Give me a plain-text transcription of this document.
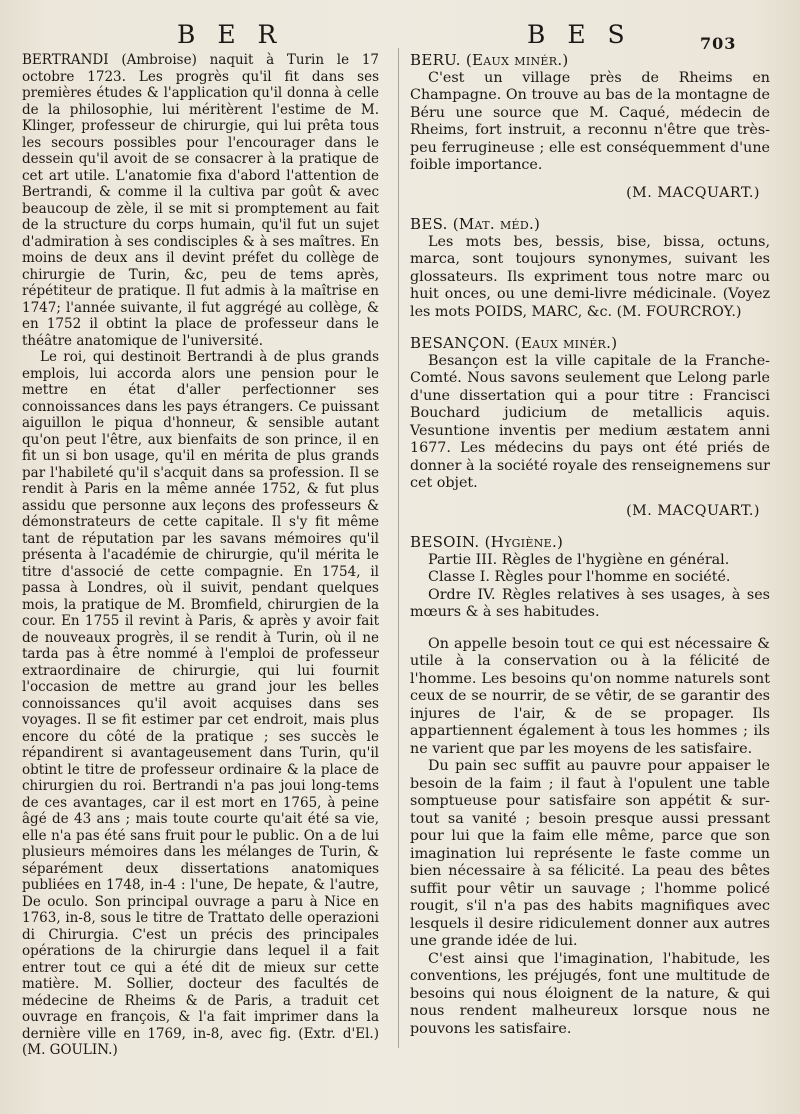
B E R	B E S	703

BERTRANDI (Ambroise) naquit à Turin le 17 octobre 1723. Les progrès qu'il fit dans ses premières études & l'application qu'il donna à celle de la philosophie, lui méritèrent l'estime de M. Klinger, professeur de chirurgie, qui lui prêta tous les secours possibles pour l'encourager dans le dessein qu'il avoit de se consacrer à la pratique de cet art utile. L'anatomie fixa d'abord l'attention de Bertrandi, & comme il la cultiva par goût & avec beaucoup de zèle, il se mit si promptement au fait de la structure du corps humain, qu'il fut un sujet d'admiration à ses condisciples & à ses maîtres. En moins de deux ans il devint préfet du collège de chirurgie de Turin, &c, peu de tems après, répétiteur de pratique. Il fut admis à la maîtrise en 1747; l'année suivante, il fut aggrégé au collège, & en 1752 il obtint la place de professeur dans le théâtre anatomique de l'université.

Le roi, qui destinoit Bertrandi à de plus grands emplois, lui accorda alors une pension pour le mettre en état d'aller perfectionner ses connoissances dans les pays étrangers. Ce puissant aiguillon le piqua d'honneur, & sensible autant qu'on peut l'être, aux bienfaits de son prince, il en fit un si bon usage, qu'il en mérita de plus grands par l'habileté qu'il s'acquit dans sa profession. Il se rendit à Paris en la même année 1752, & fut plus assidu que personne aux leçons des professeurs & démonstrateurs de cette capitale. Il s'y fit même tant de réputation par les savans mémoires qu'il présenta à l'académie de chirurgie, qu'il mérita le titre d'associé de cette compagnie. En 1754, il passa à Londres, où il suivit, pendant quelques mois, la pratique de M. Bromfield, chirurgien de la cour. En 1755 il revint à Paris, & après y avoir fait de nouveaux progrès, il se rendit à Turin, où il ne tarda pas à être nommé à l'emploi de professeur extraordinaire de chirurgie, qui lui fournit l'occasion de mettre au grand jour les belles connoissances qu'il avoit acquises dans ses voyages. Il se fit estimer par cet endroit, mais plus encore du côté de la pratique ; ses succès le répandirent si avantageusement dans Turin, qu'il obtint le titre de professeur ordinaire & la place de chirurgien du roi. Bertrandi n'a pas joui long-tems de ces avantages, car il est mort en 1765, à peine âgé de 43 ans ; mais toute courte qu'ait été sa vie, elle n'a pas été sans fruit pour le public. On a de lui plusieurs mémoires dans les mélanges de Turin, & séparément deux dissertations anatomiques publiées en 1748, in-4 : l'une, De hepate, & l'autre, De oculo. Son principal ouvrage a paru à Nice en 1763, in-8, sous le titre de Trattato delle operazioni di Chirurgia. C'est un précis des principales opérations de la chirurgie dans lequel il a fait entrer tout ce qui a été dit de mieux sur cette matière. M. Sollier, docteur des facultés de médecine de Rheims & de Paris, a traduit cet ouvrage en françois, & l'a fait imprimer dans la dernière ville en 1769, in-8, avec fig. (Extr. d'El.) (M. GOULIN.)

BERU. (Eaux minér.)

C'est un village près de Rheims en Champagne. On trouve au bas de la montagne de Béru une source que M. Caqué, médecin de Rheims, fort instruit, a reconnu n'être que très-peu ferrugineuse ; elle est conséquemment d'une foible importance.

(M. MACQUART.)
BES. (Mat. méd.)

Les mots bes, bessis, bise, bissa, octuns, marca, sont toujours synonymes, suivant les glossateurs. Ils expriment tous notre marc ou huit onces, ou une demi-livre médicinale. (Voyez les mots POIDS, MARC, &c. (M. FOURCROY.)

BESANÇON. (Eaux minér.)

Besançon est la ville capitale de la Franche-Comté. Nous savons seulement que Lelong parle d'une dissertation qui a pour titre : Francisci Bouchard judicium de metallicis aquis. Vesuntione inventis per medium æstatem anni 1677. Les médecins du pays ont été priés de donner à la société royale des renseignemens sur cet objet.

(M. MACQUART.)
BESOIN. (Hygiène.)

Partie III. Règles de l'hygiène en général.

Classe I. Règles pour l'homme en société.

Ordre IV. Règles relatives à ses usages, à ses mœurs & à ses habitudes.

On appelle besoin tout ce qui est nécessaire & utile à la conservation ou à la félicité de l'homme. Les besoins qu'on nomme naturels sont ceux de se nourrir, de se vêtir, de se garantir des injures de l'air, & de se propager. Ils appartiennent également à tous les hommes ; ils ne varient que par les moyens de les satisfaire.

Du pain sec suffit au pauvre pour appaiser le besoin de la faim ; il faut à l'opulent une table somptueuse pour satisfaire son appétit & sur-tout sa vanité ; besoin presque aussi pressant pour lui que la faim elle même, parce que son imagination lui représente le faste comme un bien nécessaire à sa félicité. La peau des bêtes suffit pour vêtir un sauvage ; l'homme policé rougit, s'il n'a pas des habits magnifiques avec lesquels il desire ridiculement donner aux autres une grande idée de lui.

C'est ainsi que l'imagination, l'habitude, les conventions, les préjugés, font une multitude de besoins qui nous éloignent de la nature, & qui nous rendent malheureux lorsque nous ne pouvons les satisfaire.
